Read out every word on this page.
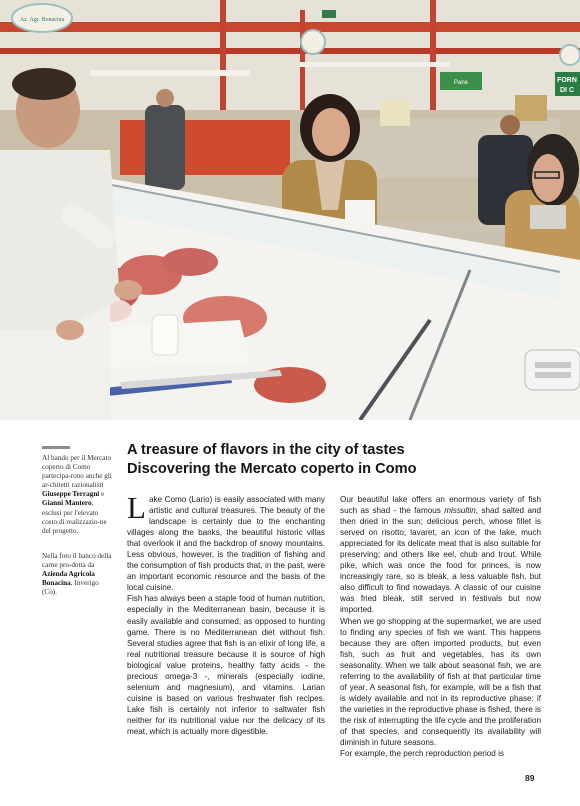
Az. Agr. Bonacina
Pane	FORN
DI C
Al bando per il Mercato coperto di Como partecipa-rono anche gli ar-chitetti razionalisti Giuseppe Terragni e Gianni Mantero, esclusi per l'elevato costo di realizzazio-ne del progetto.
Nella foto il banco della carne pro-dotta da Azienda Agricola Bonacina, Inverigo (Co).
A treasure of flavors in the city of tastes
Discovering the Mercato coperto in Como

Lake Como (Lario) is easily associated with many artistic and cultural treasures. The beauty of the landscape is certainly due to the enchanting villages along the banks, the beautiful historic villas that overlook it and the backdrop of snowy mountains. Less obvious, however, is the tradition of fishing and the consumption of fish products that, in the past, were an important economic resource and the basis of the local cuisine.

Fish has always been a staple food of human nutrition, especially in the Mediterranean basin, because it is easily available and consumed, as opposed to hunting game. There is no Mediterranean diet without fish. Several studies agree that fish is an elixir of long life, a real nutritional treasure because it is source of high biological value proteins, healthy fatty acids - the precious omega-3 -, minerals (especially iodine, selenium and magnesium), and vitamins. Larian cuisine is based on various freshwater fish recipes. Lake fish is certainly not inferior to saltwater fish neither for its nutritional value nor the delicacy of its meat, which is actually more digestible.

Our beautiful lake offers an enormous variety of fish such as shad - the famous missultin, shad salted and then dried in the sun; delicious perch, whose fillet is served on risotto; lavaret, an icon of the lake, much appreciated for its delicate meat that is also suitable for preserving; and others like eel, chub and trout. While pike, which was once the food for princes, is now increasingly rare, so is bleak, a less valuable fish, but also difficult to find nowadays. A classic of our cuisine was fried bleak, still served in festivals but now imported.

When we go shopping at the supermarket, we are used to finding any species of fish we want. This happens because they are often imported products, but even fish, such as fruit and vegetables, has its own seasonality. When we talk about seasonal fish, we are referring to the availability of fish at that particular time of year. A seasonal fish, for example, will be a fish that is widely available and not in its reproductive phase: if the varieties in the reproductive phase is fished, there is the risk of interrupting the life cycle and the proliferation of that species, and consequently its availability will diminish in future seasons.

For example, the perch reproduction period is

89
